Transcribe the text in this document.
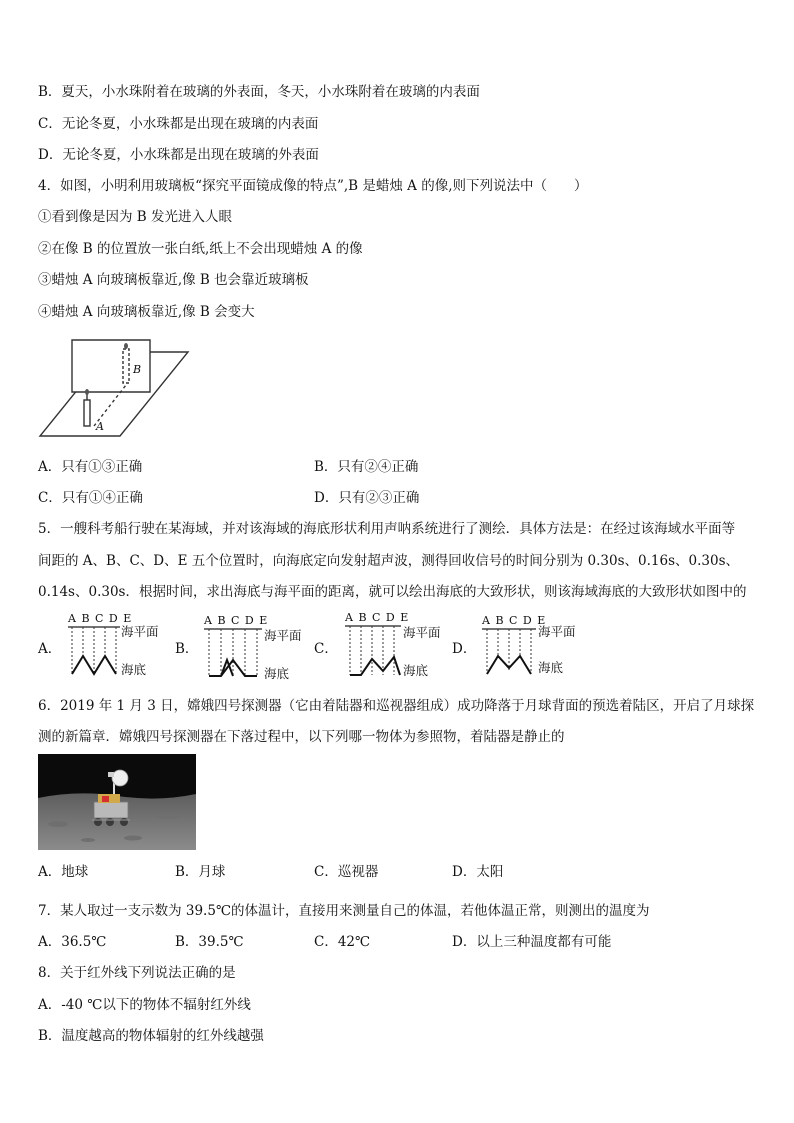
B．夏天，小水珠附着在玻璃的外表面，冬天，小水珠附着在玻璃的内表面
C．无论冬夏，小水珠都是出现在玻璃的内表面
D．无论冬夏，小水珠都是出现在玻璃的外表面
4．如图，小明利用玻璃板“探究平面镜成像的特点”,B 是蜡烛 A 的像,则下列说法中（　　）
①看到像是因为 B 发光进入人眼
②在像 B 的位置放一张白纸,纸上不会出现蜡烛 A 的像
③蜡烛 A 向玻璃板靠近,像 B 也会靠近玻璃板
④蜡烛 A 向玻璃板靠近,像 B 会变大
B
A
A．只有①③正确	B．只有②④正确
C．只有①④正确	D．只有②③正确
5．一艘科考船行驶在某海域，并对该海域的海底形状利用声呐系统进行了测绘．具体方法是：在经过该海域水平面等
间距的 A、B、C、D、E 五个位置时，向海底定向发射超声波，测得回收信号的时间分别为 0.30s、0.16s、0.30s、
0.14s、0.30s．根据时间，求出海底与海平面的距离，就可以绘出海底的大致形状，则该海域海底的大致形状如图中的
A．
A B C D E
海平面
海底
B．
A B C D E
海平面
海底
C．
A B C D E
海平面
海底
D．
A B C D E
海平面
海底
6．2019 年 1 月 3 日，嫦娥四号探测器（它由着陆器和巡视器组成）成功降落于月球背面的预选着陆区，开启了月球探
测的新篇章．嫦娥四号探测器在下落过程中，以下列哪一物体为参照物，着陆器是静止的
A．地球	B．月球	C．巡视器	D．太阳
7．某人取过一支示数为 39.5℃的体温计，直接用来测量自己的体温，若他体温正常，则测出的温度为
A．36.5℃	B．39.5℃	C．42℃	D．以上三种温度都有可能
8．关于红外线下列说法正确的是
A．-40 ℃以下的物体不辐射红外线
B．温度越高的物体辐射的红外线越强
